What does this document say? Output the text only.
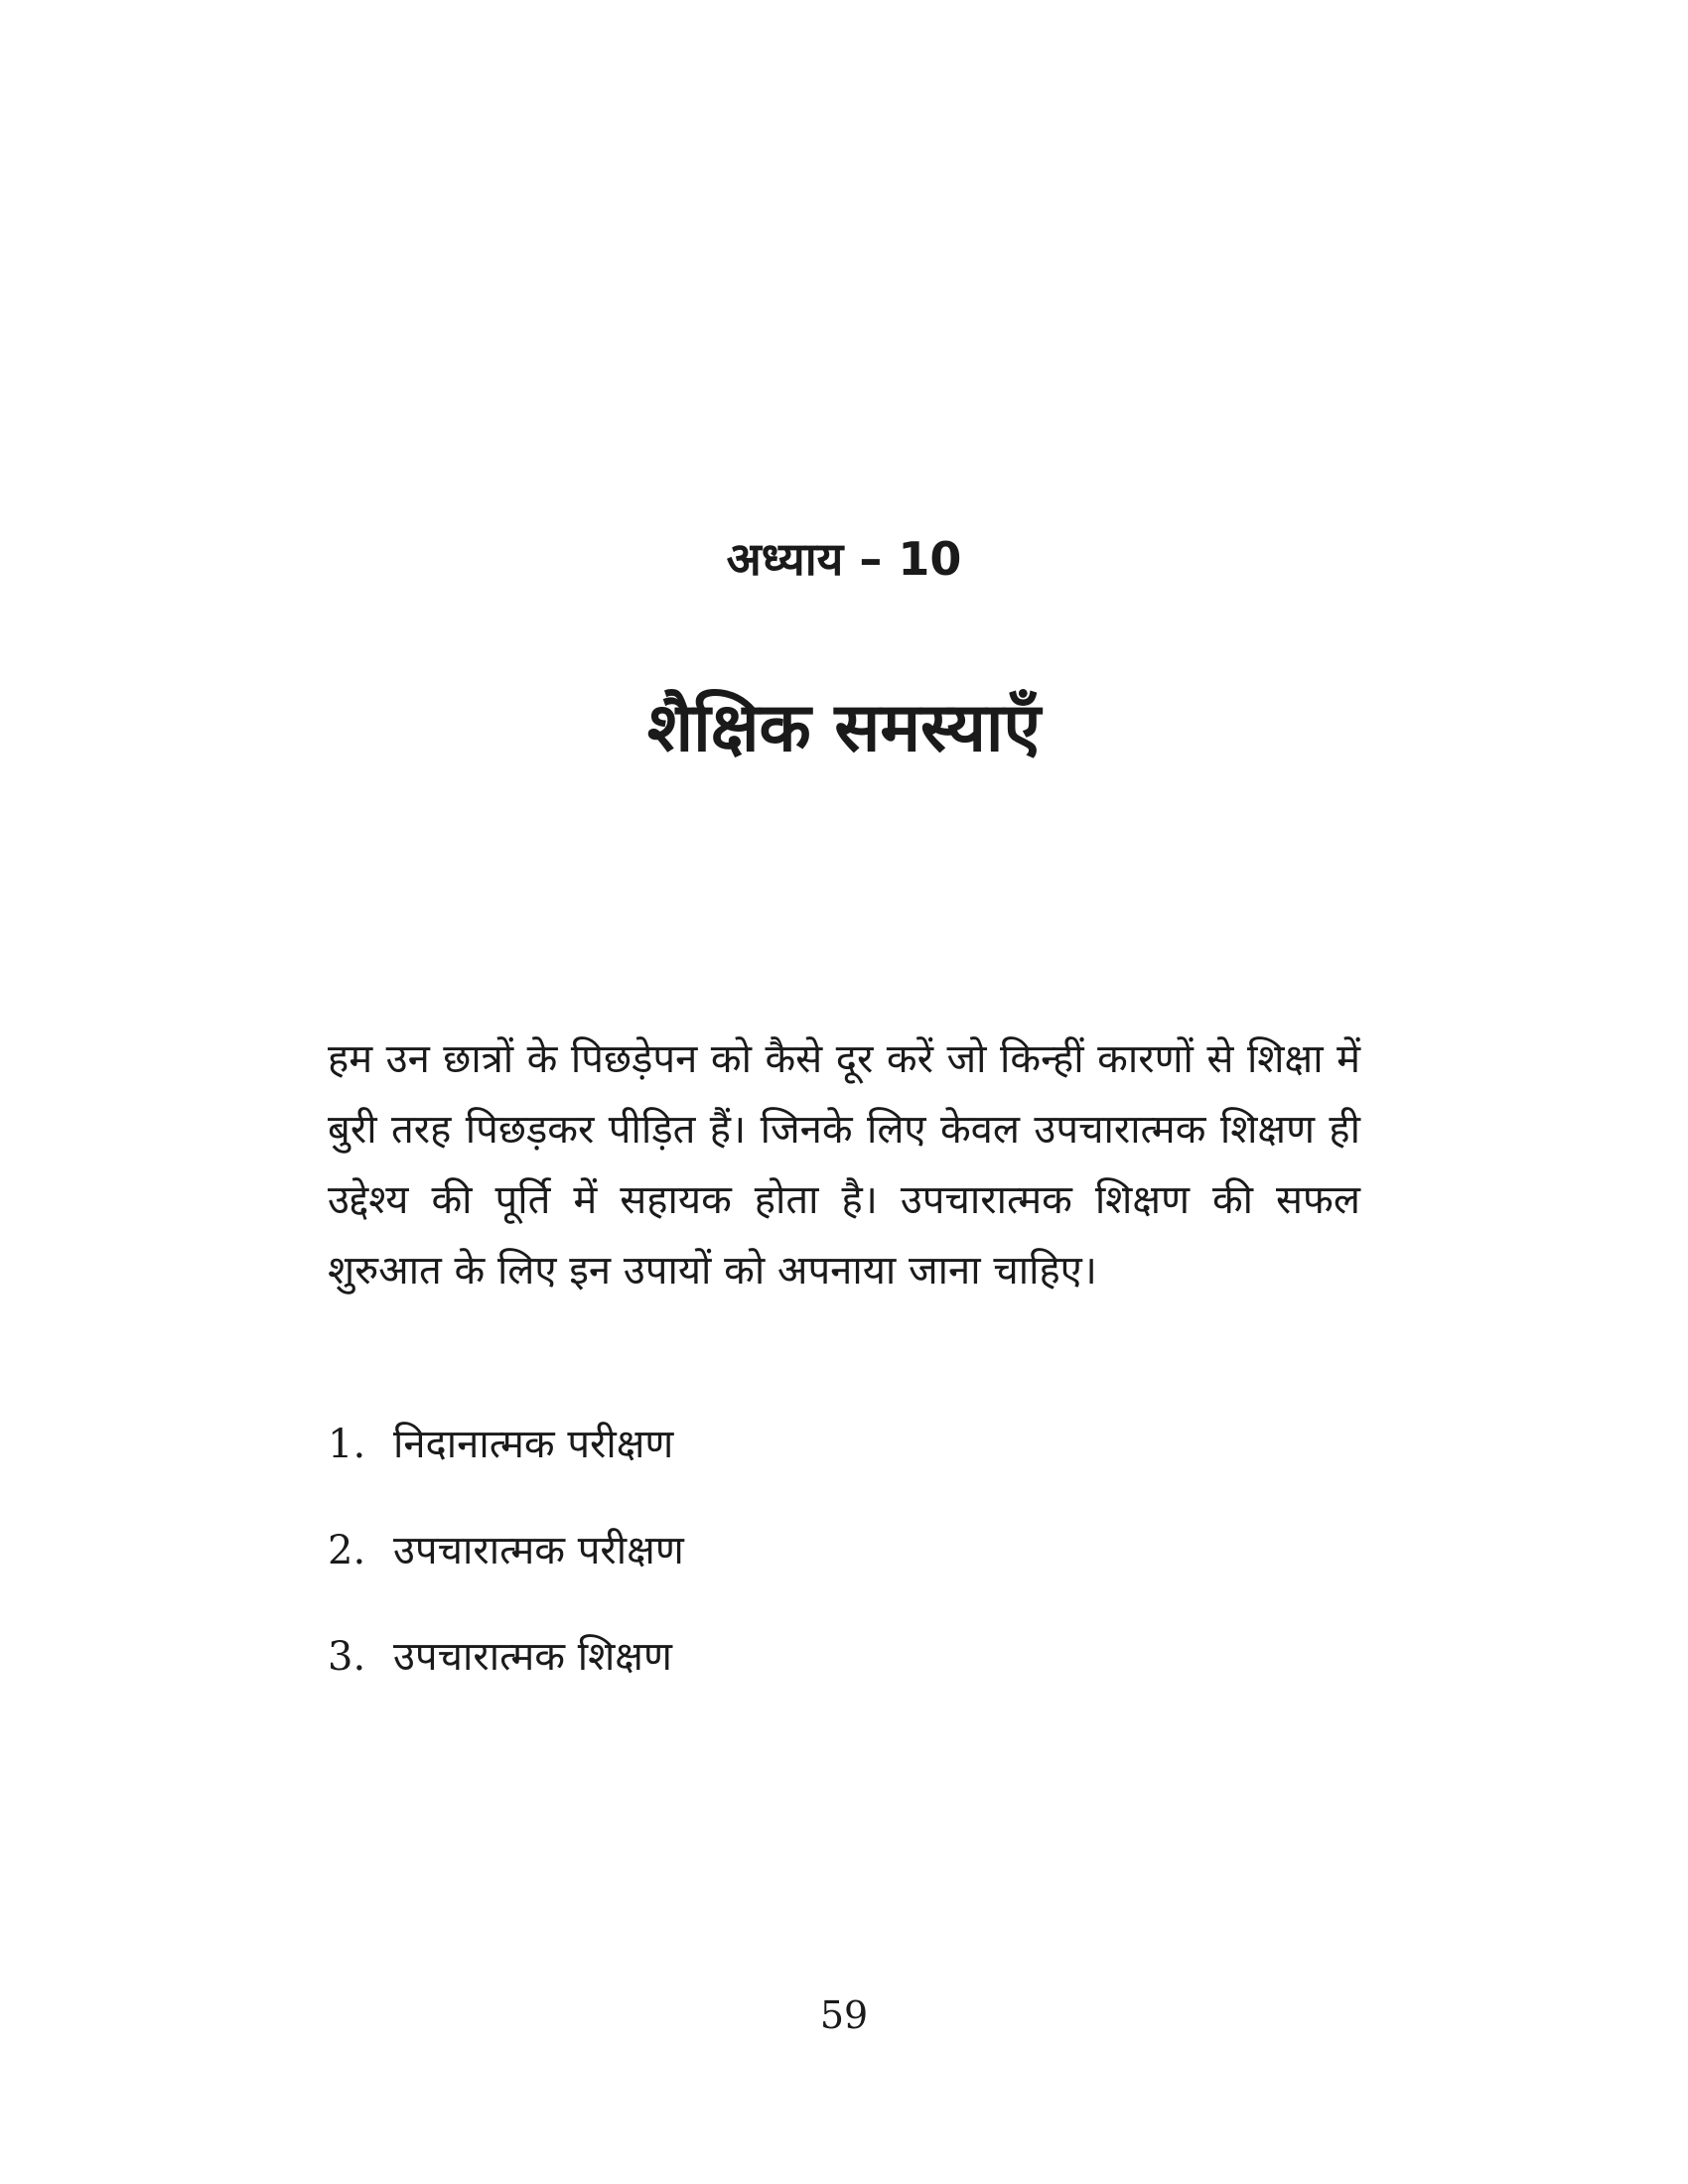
अध्याय – 10
शैक्षिक समस्याएँ

हम उन छात्रों के पिछड़ेपन को कैसे दूर करें जो किन्हीं कारणों से शिक्षा में बुरी तरह पिछड़कर पीड़ित हैं। जिनके लिए केवल उपचारात्मक शिक्षण ही उद्देश्य की पूर्ति में सहायक होता है। उपचारात्मक शिक्षण की सफल शुरुआत के लिए इन उपायों को अपनाया जाना चाहिए।

1. निदानात्मक परीक्षण
2. उपचारात्मक परीक्षण
3. उपचारात्मक शिक्षण
59
